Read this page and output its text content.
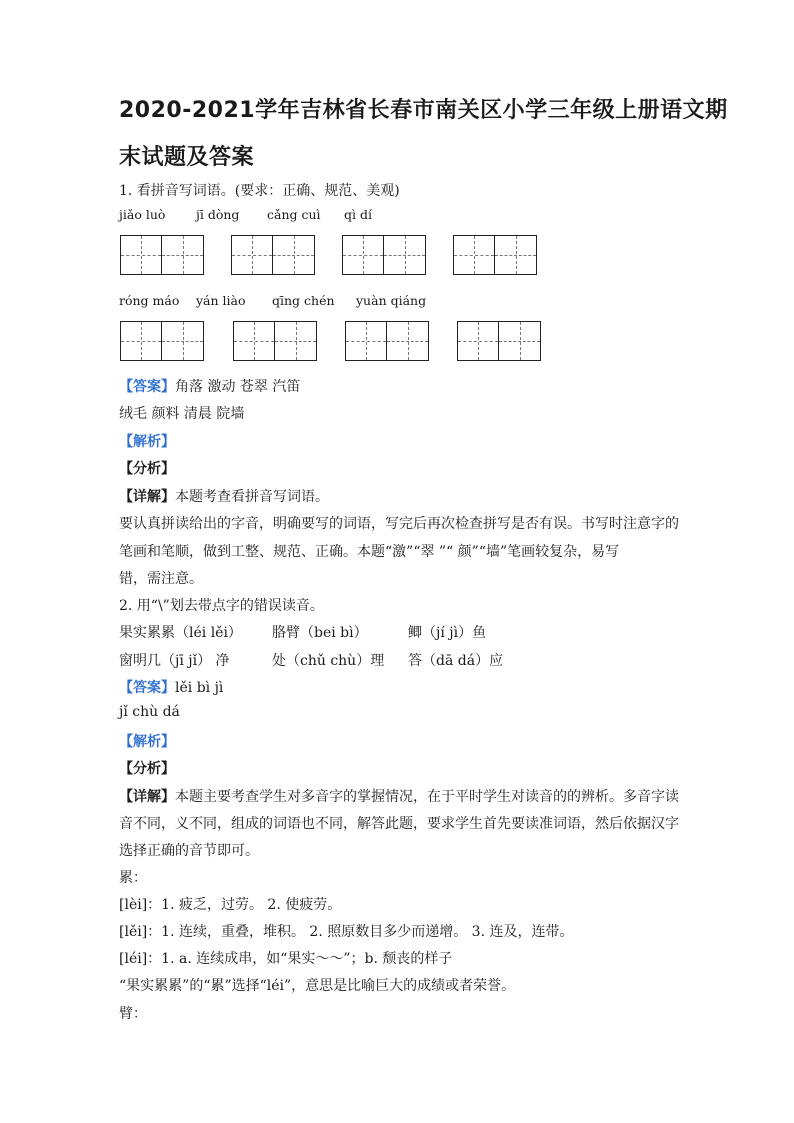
2020-2021学年吉林省长春市南关区小学三年级上册语文期
末试题及答案
1. 看拼音写词语。(要求：正确、规范、美观)
jiǎo luò jī dòng cǎng cuì qì dí
róng máo yán liào qīng chén yuàn qiáng
【答案】角落 激动 苍翠 汽笛
绒毛 颜料 清晨 院墙
【解析】
【分析】
【详解】本题考查看拼音写词语。
要认真拼读给出的字音，明确要写的词语，写完后再次检查拼写是否有误。书写时注意字的
笔画和笔顺，做到工整、规范、正确。本题“激”“翠 ”“ 颜”“墙”笔画较复杂，易写
错，需注意。
2. 用“\”划去带点字的错误读音。
果实累累（léi lěi） 胳臂（bei bì）	鲫（jí jì）鱼
窗明几（jī jǐ） 净	处（chǔ chù）理 答（dā dá）应
【答案】lěi bì jì
jǐ chù dá
【解析】
【分析】
【详解】本题主要考查学生对多音字的掌握情况，在于平时学生对读音的的辨析。多音字读
音不同，义不同，组成的词语也不同，解答此题，要求学生首先要读准词语，然后依据汉字
选择正确的音节即可。
累：
[lèi]：1. 疲乏，过劳。 2. 使疲劳。
[lěi]：1. 连续，重叠，堆积。 2. 照原数目多少而递增。 3. 连及，连带。
[léi]：1. a. 连续成串，如“果实～～”；b. 颓丧的样子
“果实累累”的“累”选择“léi”，意思是比喻巨大的成绩或者荣誉。
臂：
